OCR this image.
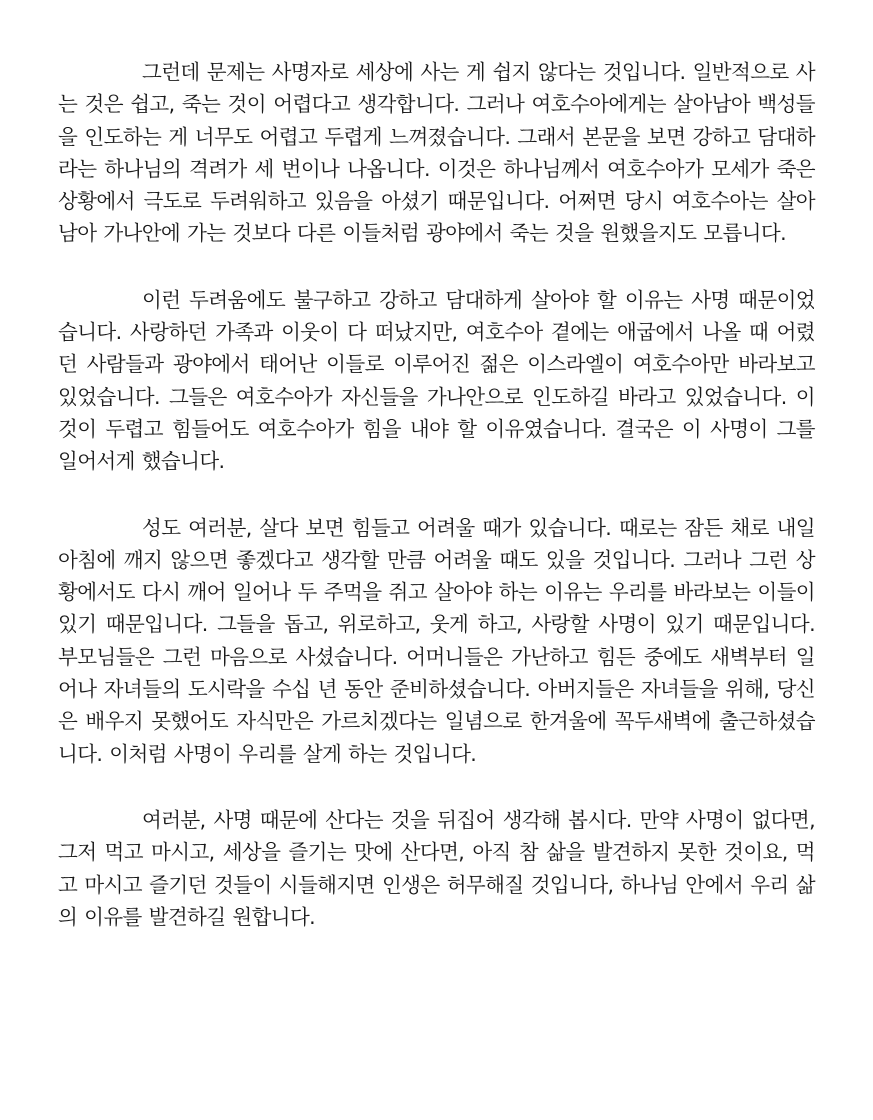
그런데 문제는 사명자로 세상에 사는 게 쉽지 않다는 것입니다. 일반적으로 사는 것은 쉽고, 죽는 것이 어렵다고 생각합니다. 그러나 여호수아에게는 살아남아 백성들을 인도하는 게 너무도 어렵고 두렵게 느껴졌습니다. 그래서 본문을 보면 강하고 담대하라는 하나님의 격려가 세 번이나 나옵니다. 이것은 하나님께서 여호수아가 모세가 죽은 상황에서 극도로 두려워하고 있음을 아셨기 때문입니다. 어쩌면 당시 여호수아는 살아남아 가나안에 가는 것보다 다른 이들처럼 광야에서 죽는 것을 원했을지도 모릅니다.

이런 두려움에도 불구하고 강하고 담대하게 살아야 할 이유는 사명 때문이었습니다. 사랑하던 가족과 이웃이 다 떠났지만, 여호수아 곁에는 애굽에서 나올 때 어렸던 사람들과 광야에서 태어난 이들로 이루어진 젊은 이스라엘이 여호수아만 바라보고 있었습니다. 그들은 여호수아가 자신들을 가나안으로 인도하길 바라고 있었습니다. 이것이 두렵고 힘들어도 여호수아가 힘을 내야 할 이유였습니다. 결국은 이 사명이 그를 일어서게 했습니다.

성도 여러분, 살다 보면 힘들고 어려울 때가 있습니다. 때로는 잠든 채로 내일 아침에 깨지 않으면 좋겠다고 생각할 만큼 어려울 때도 있을 것입니다. 그러나 그런 상황에서도 다시 깨어 일어나 두 주먹을 쥐고 살아야 하는 이유는 우리를 바라보는 이들이 있기 때문입니다. 그들을 돕고, 위로하고, 웃게 하고, 사랑할 사명이 있기 때문입니다. 부모님들은 그런 마음으로 사셨습니다. 어머니들은 가난하고 힘든 중에도 새벽부터 일어나 자녀들의 도시락을 수십 년 동안 준비하셨습니다. 아버지들은 자녀들을 위해, 당신은 배우지 못했어도 자식만은 가르치겠다는 일념으로 한겨울에 꼭두새벽에 출근하셨습니다. 이처럼 사명이 우리를 살게 하는 것입니다.

여러분, 사명 때문에 산다는 것을 뒤집어 생각해 봅시다. 만약 사명이 없다면, 그저 먹고 마시고, 세상을 즐기는 맛에 산다면, 아직 참 삶을 발견하지 못한 것이요, 먹고 마시고 즐기던 것들이 시들해지면 인생은 허무해질 것입니다, 하나님 안에서 우리 삶의 이유를 발견하길 원합니다.
